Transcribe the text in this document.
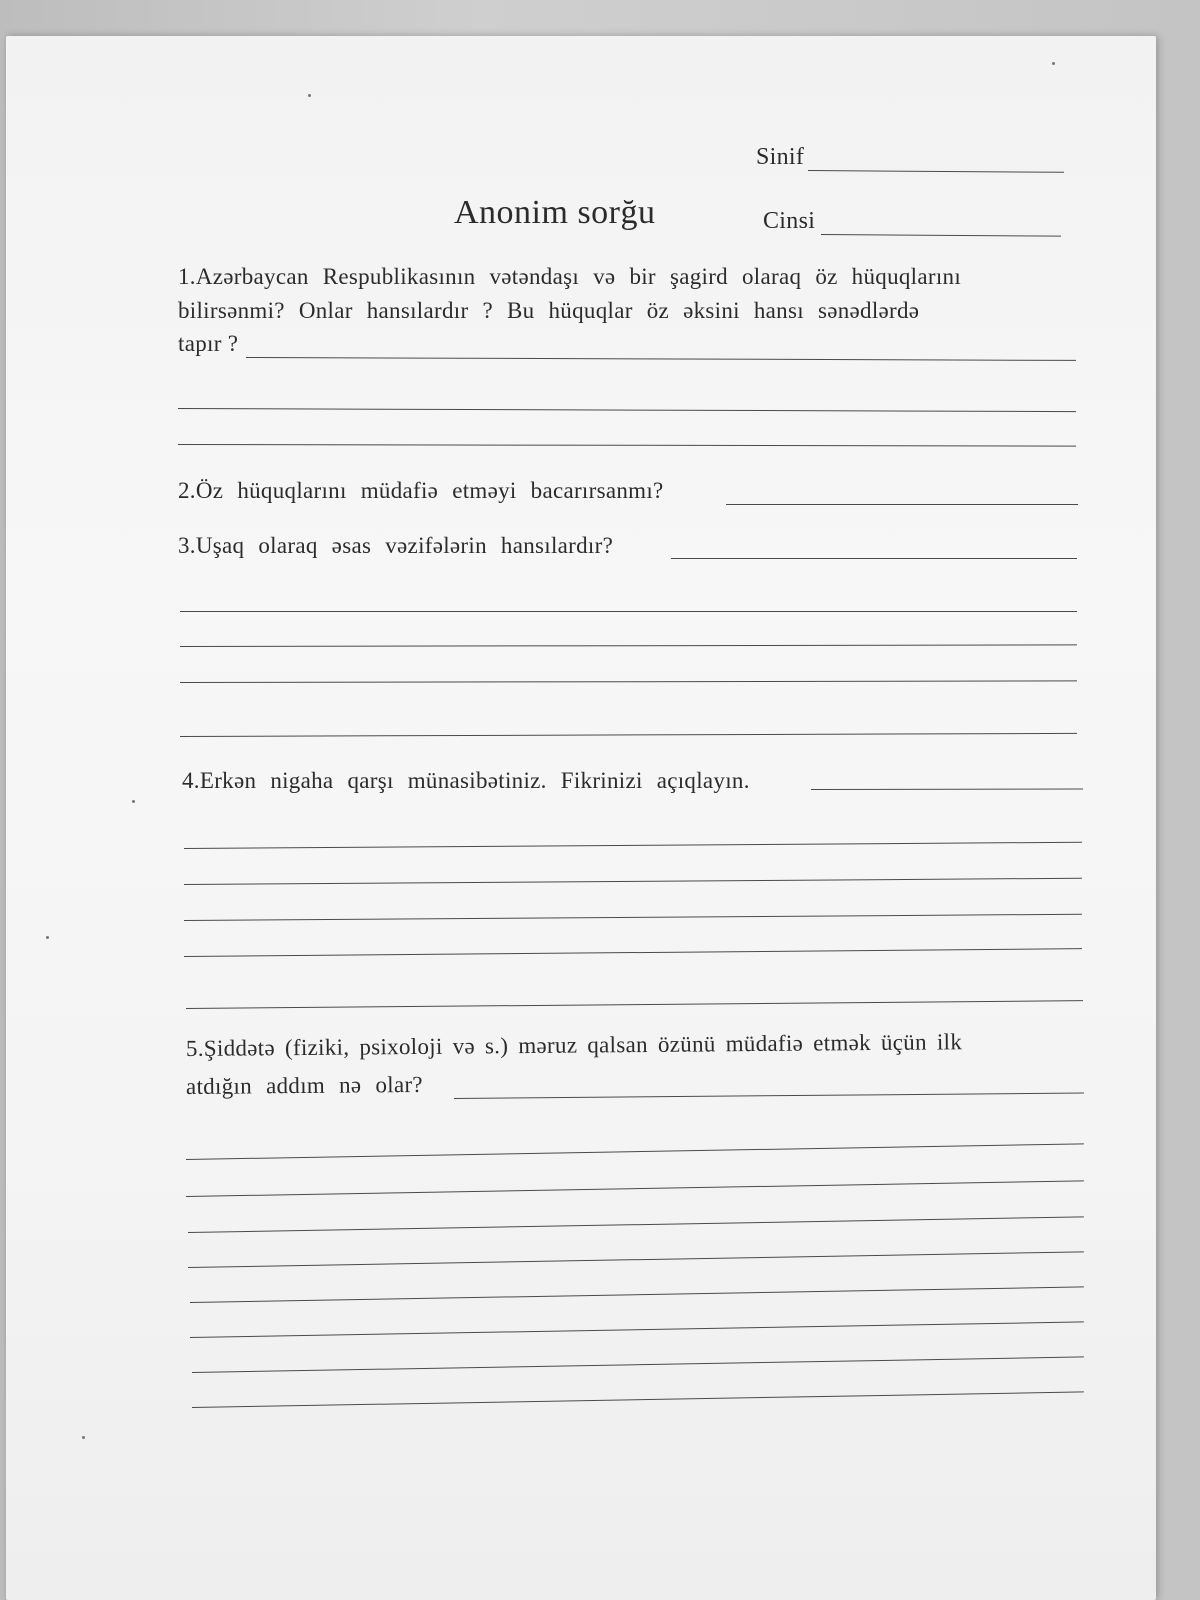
Sinif
Anonim sorğu	Cinsi
1.Azərbaycan Respublikasının vətəndaşı və bir şagird olaraq öz hüquqlarını
bilirsənmi? Onlar hansılardır ? Bu hüquqlar öz əksini hansı sənədlərdə
tapır ?
2.Öz hüquqlarını müdafiə etməyi bacarırsanmı?
3.Uşaq olaraq əsas vəzifələrin hansılardır?
4.Erkən nigaha qarşı münasibətiniz. Fikrinizi açıqlayın.
5.Şiddətə (fiziki, psixoloji və s.) məruz qalsan özünü müdafiə etmək üçün ilk
atdığın addım nə olar?
